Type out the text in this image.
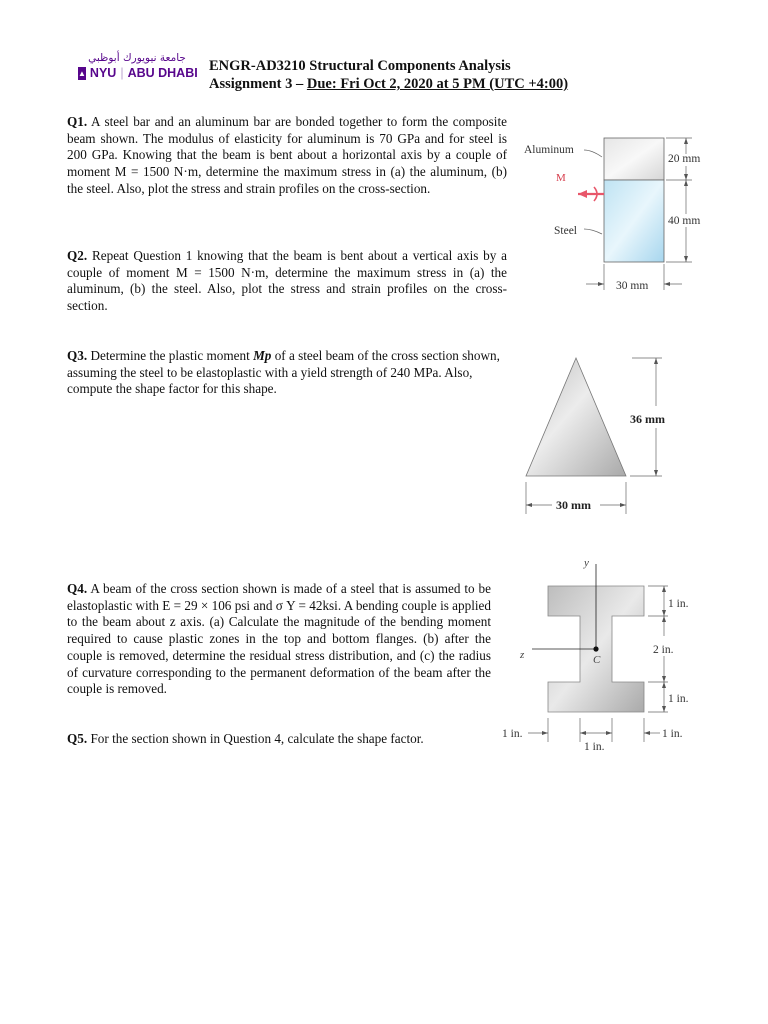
جامعة نيويورك أبوظبي
▲ NYU | ABU DHABI ENGR-AD3210 Structural Components Analysis
Assignment 3 – Due: Fri Oct 2, 2020 at 5 PM (UTC +4:00)
Q1. A steel bar and an aluminum bar are bonded together to form the composite beam shown. The modulus of elasticity for aluminum is 70 GPa and for steel is 200 GPa. Knowing that the beam is bent about a horizontal axis by a couple of moment M = 1500 N·m, determine the maximum stress in (a) the aluminum, (b) the steel. Also, plot the stress and strain profiles on the cross-section.
Q2. Repeat Question 1 knowing that the beam is bent about a vertical axis by a couple of moment M = 1500 N·m, determine the maximum stress in (a) the aluminum, (b) the steel. Also, plot the stress and strain profiles on the cross-section.
Q3. Determine the plastic moment Mp of a steel beam of the cross section shown, assuming the steel to be elastoplastic with a yield strength of 240 MPa. Also, compute the shape factor for this shape.
Q4. A beam of the cross section shown is made of a steel that is assumed to be elastoplastic with E = 29 × 106 psi and σ Y = 42ksi. A bending couple is applied to the beam about z axis. (a) Calculate the magnitude of the bending moment required to cause plastic zones in the top and bottom flanges. (b) after the couple is removed, determine the residual stress distribution, and (c) the radius of curvature corresponding to the permanent deformation of the beam after the couple is removed.
Q5. For the section shown in Question 4, calculate the shape factor.
Aluminum
Steel
M
20 mm
40 mm
30 mm
36 mm
30 mm
y
z	C
1 in.
2 in.
1 in.
1 in.
1 in.
1 in.
